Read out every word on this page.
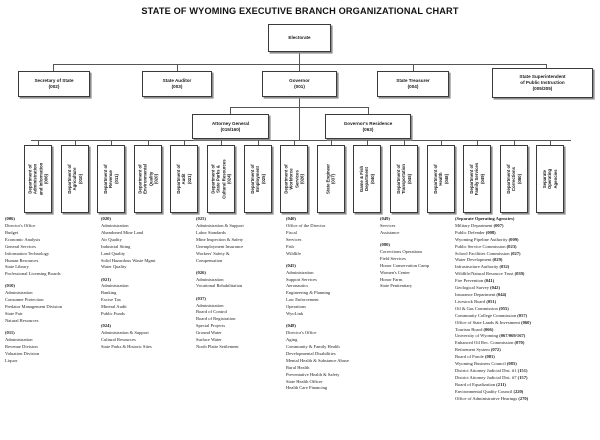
STATE OF WYOMING EXECUTIVE BRANCH ORGANIZATIONAL CHART
Electorate
Secretary of State
(002)
State Auditor
(003)
Governor
(001)
State Treasurer
(004)
State Superintendent
of Public Instruction
(005/205)
Attorney General
(015/160)
Governor's Residence
(063)
Department of Administration and Information (006)	Department of Agriculture (010)	Department of Revenue (011)	Department of Environmental Quality (020)	Department of Audit (021)	Department of State Parks & Cultural Resources (024)	Department of Employment (025)	Department of Workforce Services (026)	State Engineer (037)	Game & Fish Department (040)	Department of Transportation (045)	Department of Health (048)	Department of Family Services (049)	Department of Corrections (080)	Separate Operating Agencies
(006)
Director's Office
Budget
Economic Analysis
General Services
Information Technology
Human Resources
State Library
Professional Licensing Boards
(010)
Administration
Consumer Protection
Predator Management Division
State Fair
Natural Resources
(011)
Administration
Revenue Division
Valuation Division
Liquor
(020)
Administration
Abandoned Mine Land
Air Quality
Industrial Siting
Land Quality
Solid Hazardous Waste Mgmt
Water Quality
(021)
Administration
Banking
Excise Tax
Mineral Audit
Public Funds
(024)
Administration & Support
Cultural Resources
State Parks & Historic Sites
(025)
Administration & Support
Labor Standards
Mine Inspection & Safety
Unemployment Insurance
Workers' Safety &
Compensation
(026)
Administration
Vocational Rehabilitation
(037)
Administration
Board of Control
Board of Registration
Special Projects
Ground Water
Surface Water
North Platte Settlement
(040)
Office of the Director
Fiscal
Services
Fish
Wildlife
(045)
Administration
Support Services
Aeronautics
Engineering & Planning
Law Enforcement
Operations
WyoLink
(048)
Director's Office
Aging
Community & Family Health
Developmental Disabilities
Mental Health & Substance Abuse
Rural Health
Preventative Health & Safety
State Health Officer
Health Care Financing
(049)
Services
Assistance
(080)
Corrections Operations
Field Services
Honor Conservation Camp
Women's Center
Honor Farm
State Penitentiary
(Separate Operating Agencies)
Military Department (007)
Public Defender (008)
Wyoming Pipeline Authority (009)
Public Service Commission (023)
School Facilities Commission (027)
Water Development (029)
Infrastructure Authority (032)
Wildlife/Natural Resource Trust (039)
Fire Prevention (041)
Geological Survey (042)
Insurance Department (044)
Livestock Board (051)
Oil & Gas Commission (055)
Community College Commission (057)
Office of State Lands & Investment (060)
Tourism Board (066)
University of Wyoming (067/069/167)
Enhanced Oil Rec. Commission (070)
Retirement System (072)
Board of Parole (081)
Wyoming Business Council (085)
District Attorney Judicial Dist. #1 (151)
District Attorney Judicial Dist. #7 (157)
Board of Equalization (211)
Environmental Quality Council (220)
Office of Administrative Hearings (270)
